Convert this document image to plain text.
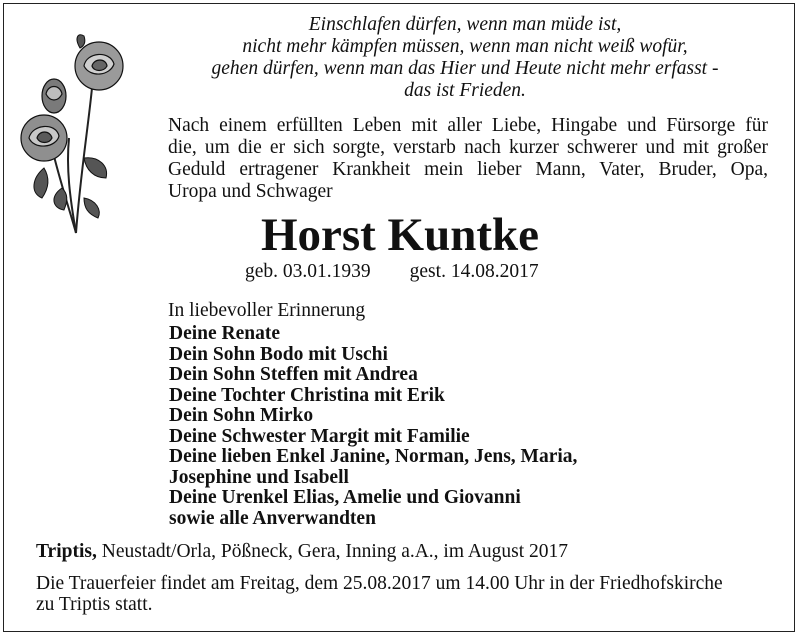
Einschlafen dürfen, wenn man müde ist,
nicht mehr kämpfen müssen, wenn man nicht weiß wofür,
gehen dürfen, wenn man das Hier und Heute nicht mehr erfasst -
das ist Frieden.
Nach einem erfüllten Leben mit aller Liebe, Hingabe und Fürsorge für
die, um die er sich sorgte, verstarb nach kurzer schwerer und mit großer
Geduld ertragener Krankheit mein lieber Mann, Vater, Bruder, Opa,
Uropa und Schwager
Horst Kuntke
geb. 03.01.1939 gest. 14.08.2017
In liebevoller Erinnerung
Deine Renate
Dein Sohn Bodo mit Uschi
Dein Sohn Steffen mit Andrea
Deine Tochter Christina mit Erik
Dein Sohn Mirko
Deine Schwester Margit mit Familie
Deine lieben Enkel Janine, Norman, Jens, Maria,
Josephine und Isabell
Deine Urenkel Elias, Amelie und Giovanni
sowie alle Anverwandten
Triptis, Neustadt/Orla, Pößneck, Gera, Inning a.A., im August 2017
Die Trauerfeier findet am Freitag, dem 25.08.2017 um 14.00 Uhr in der Friedhofskirche
zu Triptis statt.
